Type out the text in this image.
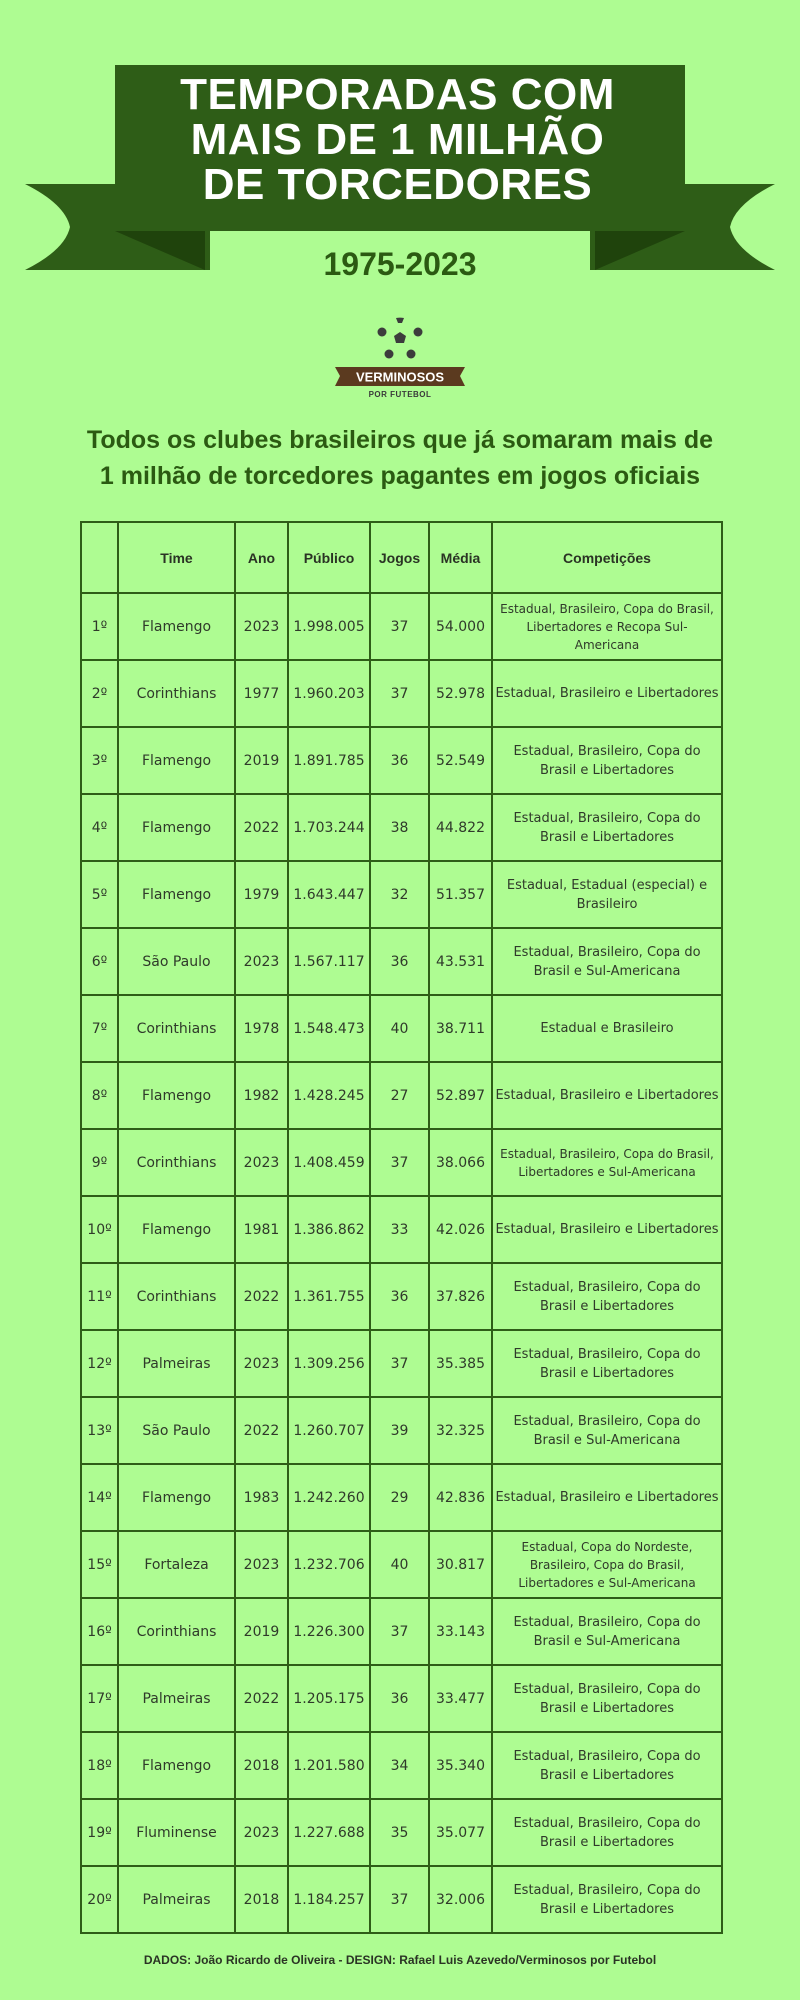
TEMPORADAS COM
MAIS DE 1 MILHÃO
DE TORCEDORES
1975-2023
VERMINOSOS
POR FUTEBOL
Todos os clubes brasileiros que já somaram mais de
1 milhão de torcedores pagantes em jogos oficiais
	Time	Ano	Público	Jogos	Média	Competições
1º	Flamengo	2023	1.998.005	37	54.000	Estadual, Brasileiro, Copa do Brasil, Libertadores e Recopa Sul-Americana
2º	Corinthians	1977	1.960.203	37	52.978	Estadual, Brasileiro e Libertadores
3º	Flamengo	2019	1.891.785	36	52.549	Estadual, Brasileiro, Copa do Brasil e Libertadores
4º	Flamengo	2022	1.703.244	38	44.822	Estadual, Brasileiro, Copa do Brasil e Libertadores
5º	Flamengo	1979	1.643.447	32	51.357	Estadual, Estadual (especial) e Brasileiro
6º	São Paulo	2023	1.567.117	36	43.531	Estadual, Brasileiro, Copa do Brasil e Sul-Americana
7º	Corinthians	1978	1.548.473	40	38.711	Estadual e Brasileiro
8º	Flamengo	1982	1.428.245	27	52.897	Estadual, Brasileiro e Libertadores
9º	Corinthians	2023	1.408.459	37	38.066	Estadual, Brasileiro, Copa do Brasil, Libertadores e Sul-Americana
10º	Flamengo	1981	1.386.862	33	42.026	Estadual, Brasileiro e Libertadores
11º	Corinthians	2022	1.361.755	36	37.826	Estadual, Brasileiro, Copa do Brasil e Libertadores
12º	Palmeiras	2023	1.309.256	37	35.385	Estadual, Brasileiro, Copa do Brasil e Libertadores
13º	São Paulo	2022	1.260.707	39	32.325	Estadual, Brasileiro, Copa do Brasil e Sul-Americana
14º	Flamengo	1983	1.242.260	29	42.836	Estadual, Brasileiro e Libertadores
15º	Fortaleza	2023	1.232.706	40	30.817	Estadual, Copa do Nordeste, Brasileiro, Copa do Brasil, Libertadores e Sul-Americana
16º	Corinthians	2019	1.226.300	37	33.143	Estadual, Brasileiro, Copa do Brasil e Sul-Americana
17º	Palmeiras	2022	1.205.175	36	33.477	Estadual, Brasileiro, Copa do Brasil e Libertadores
18º	Flamengo	2018	1.201.580	34	35.340	Estadual, Brasileiro, Copa do Brasil e Libertadores
19º	Fluminense	2023	1.227.688	35	35.077	Estadual, Brasileiro, Copa do Brasil e Libertadores
20º	Palmeiras	2018	1.184.257	37	32.006	Estadual, Brasileiro, Copa do Brasil e Libertadores
DADOS: João Ricardo de Oliveira - DESIGN: Rafael Luis Azevedo/Verminosos por Futebol
